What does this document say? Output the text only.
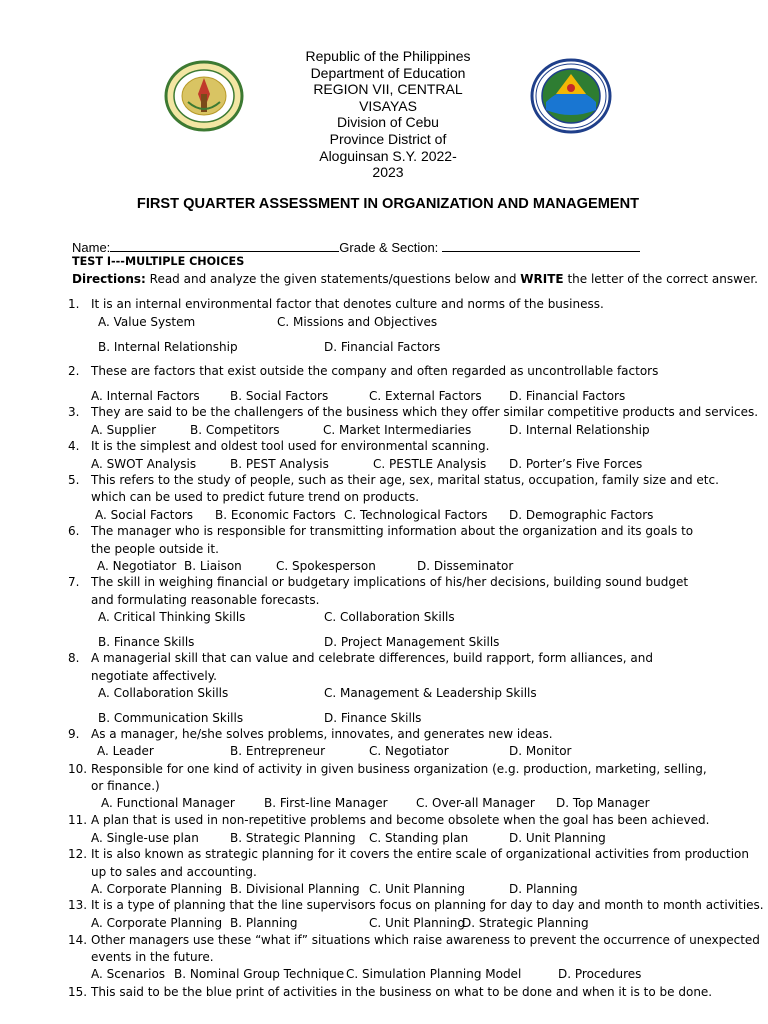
Republic of the Philippines
Department of Education
REGION VII, CENTRAL
VISAYAS
Division of Cebu
Province District of
Aloguinsan S.Y. 2022-
2023
FIRST QUARTER ASSESSMENT IN ORGANIZATION AND MANAGEMENT
Name:	Grade & Section:
TEST I---MULTIPLE CHOICES
Directions: Read and analyze the given statements/questions below and WRITE the letter of the correct answer.
1. It is an internal environmental factor that denotes culture and norms of the business.
A. Value System	C. Missions and Objectives
B. Internal Relationship	D. Financial Factors
2. These are factors that exist outside the company and often regarded as uncontrollable factors
A. Internal Factors	B. Social Factors	C. External Factors D. Financial Factors
3. They are said to be the challengers of the business which they offer similar competitive products and services.
A. Supplier	B. Competitors	C. Market Intermediaries	D. Internal Relationship
4. It is the simplest and oldest tool used for environmental scanning.
A. SWOT Analysis	B. PEST Analysis	C. PESTLE Analysis D. Porter’s Five Forces
5. This refers to the study of people, such as their age, sex, marital status, occupation, family size and etc.
which can be used to predict future trend on products.
A. Social Factors B. Economic Factors C. Technological Factors D. Demographic Factors
6. The manager who is responsible for transmitting information about the organization and its goals to
the people outside it.
A. Negotiator B. Liaison	C. Spokesperson	D. Disseminator
7. The skill in weighing financial or budgetary implications of his/her decisions, building sound budget
and formulating reasonable forecasts.
A. Critical Thinking Skills	C. Collaboration Skills
B. Finance Skills	D. Project Management Skills
8. A managerial skill that can value and celebrate differences, build rapport, form alliances, and
negotiate affectively.
A. Collaboration Skills	C. Management & Leadership Skills
B. Communication Skills	D. Finance Skills
9. As a manager, he/she solves problems, innovates, and generates new ideas.
A. Leader	B. Entrepreneur	C. Negotiator	D. Monitor
10. Responsible for one kind of activity in given business organization (e.g. production, marketing, selling,
or finance.)
A. Functional Manager B. First-line Manager C. Over-all Manager D. Top Manager
11. A plan that is used in non-repetitive problems and become obsolete when the goal has been achieved.
A. Single-use plan	B. Strategic Planning C. Standing plan	D. Unit Planning
12. It is also known as strategic planning for it covers the entire scale of organizational activities from production
up to sales and accounting.
A. Corporate Planning B. Divisional Planning C. Unit Planning	D. Planning
13. It is a type of planning that the line supervisors focus on planning for day to day and month to month activities.
A. Corporate Planning B. Planning	C. Unit Planning
D. Strategic Planning
14. Other managers use these “what if” situations which raise awareness to prevent the occurrence of unexpected
events in the future.
A. Scenarios B. Nominal Group Technique C. Simulation Planning Model	D. Procedures
15. This said to be the blue print of activities in the business on what to be done and when it is to be done.
